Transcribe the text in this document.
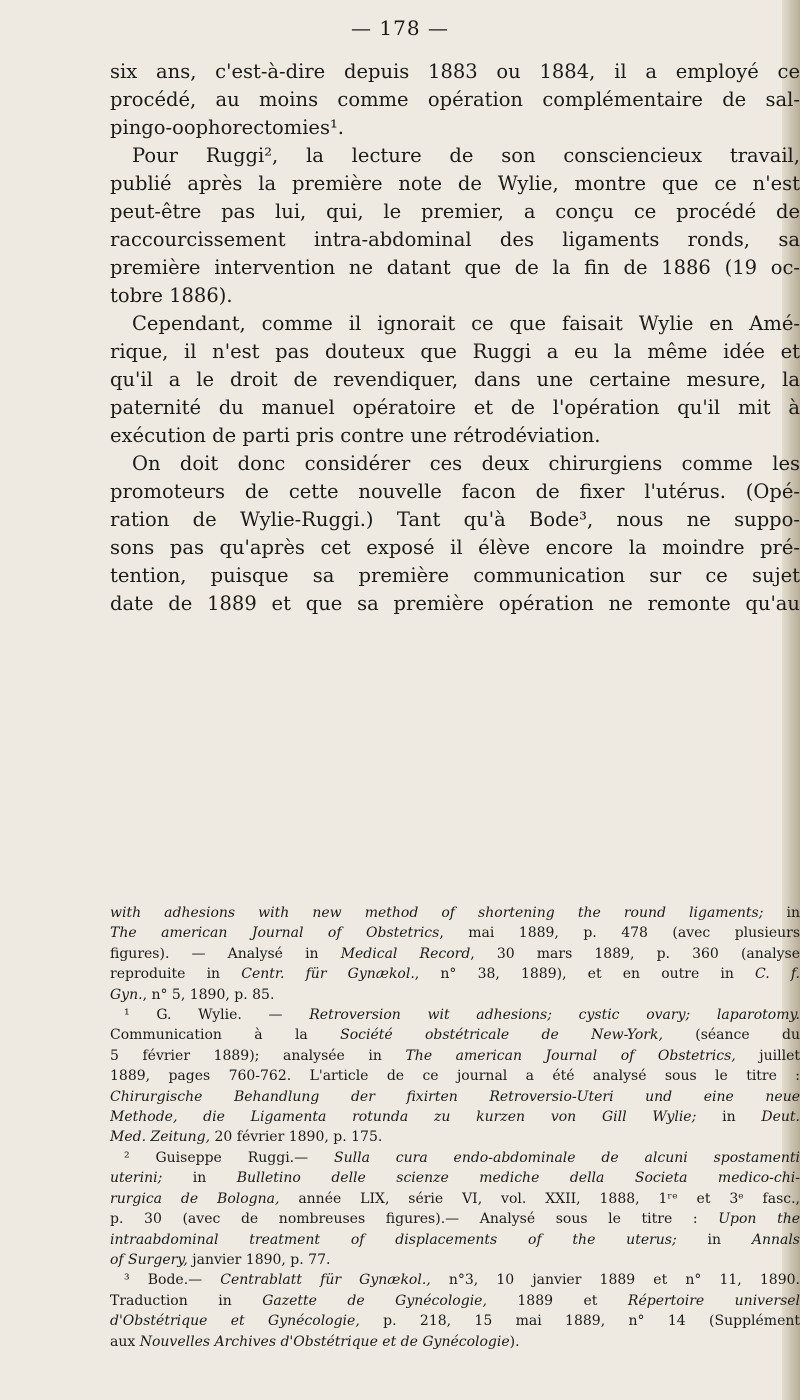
— 178 —
six ans, c'est-à-dire depuis 1883 ou 1884, il a employé ce
procédé, au moins comme opération complémentaire de sal-
pingo-oophorectomies¹.
Pour Ruggi², la lecture de son consciencieux travail,
publié après la première note de Wylie, montre que ce n'est
peut-être pas lui, qui, le premier, a conçu ce procédé de
raccourcissement intra-abdominal des ligaments ronds, sa
première intervention ne datant que de la fin de 1886 (19 oc-
tobre 1886).
Cependant, comme il ignorait ce que faisait Wylie en Amé-
rique, il n'est pas douteux que Ruggi a eu la même idée et
qu'il a le droit de revendiquer, dans une certaine mesure, la
paternité du manuel opératoire et de l'opération qu'il mit à
exécution de parti pris contre une rétrodéviation.
On doit donc considérer ces deux chirurgiens comme les
promoteurs de cette nouvelle facon de fixer l'utérus. (Opé-
ration de Wylie-Ruggi.) Tant qu'à Bode³, nous ne suppo-
sons pas qu'après cet exposé il élève encore la moindre pré-
tention, puisque sa première communication sur ce sujet
date de 1889 et que sa première opération ne remonte qu'au
with adhesions with new method of shortening the round ligaments; in
The american Journal of Obstetrics, mai 1889, p. 478 (avec plusieurs
figures). — Analysé in Medical Record, 30 mars 1889, p. 360 (analyse
reproduite in Centr. für Gynækol., n° 38, 1889), et en outre in C. f.
Gyn., n° 5, 1890, p. 85.
¹ G. Wylie. — Retroversion wit adhesions; cystic ovary; laparotomy.
Communication à la Société obstétricale de New-York, (séance du
5 février 1889); analysée in The american Journal of Obstetrics, juillet
1889, pages 760-762. L'article de ce journal a été analysé sous le titre :
Chirurgische Behandlung der fixirten Retroversio-Uteri und eine neue
Methode, die Ligamenta rotunda zu kurzen von Gill Wylie; in Deut.
Med. Zeitung, 20 février 1890, p. 175.
² Guiseppe Ruggi.— Sulla cura endo-abdominale de alcuni spostamenti
uterini; in Bulletino delle scienze mediche della Societa medico-chi-
rurgica de Bologna, année LIX, série VI, vol. XXII, 1888, 1ʳᵉ et 3ᵉ fasc.,
p. 30 (avec de nombreuses figures).— Analysé sous le titre : Upon the
intraabdominal treatment of displacements of the uterus; in Annals
of Surgery, janvier 1890, p. 77.
³ Bode.— Centrablatt für Gynækol., n°3, 10 janvier 1889 et n° 11, 1890.
Traduction in Gazette de Gynécologie, 1889 et Répertoire universel
d'Obstétrique et Gynécologie, p. 218, 15 mai 1889, n° 14 (Supplément
aux Nouvelles Archives d'Obstétrique et de Gynécologie).
